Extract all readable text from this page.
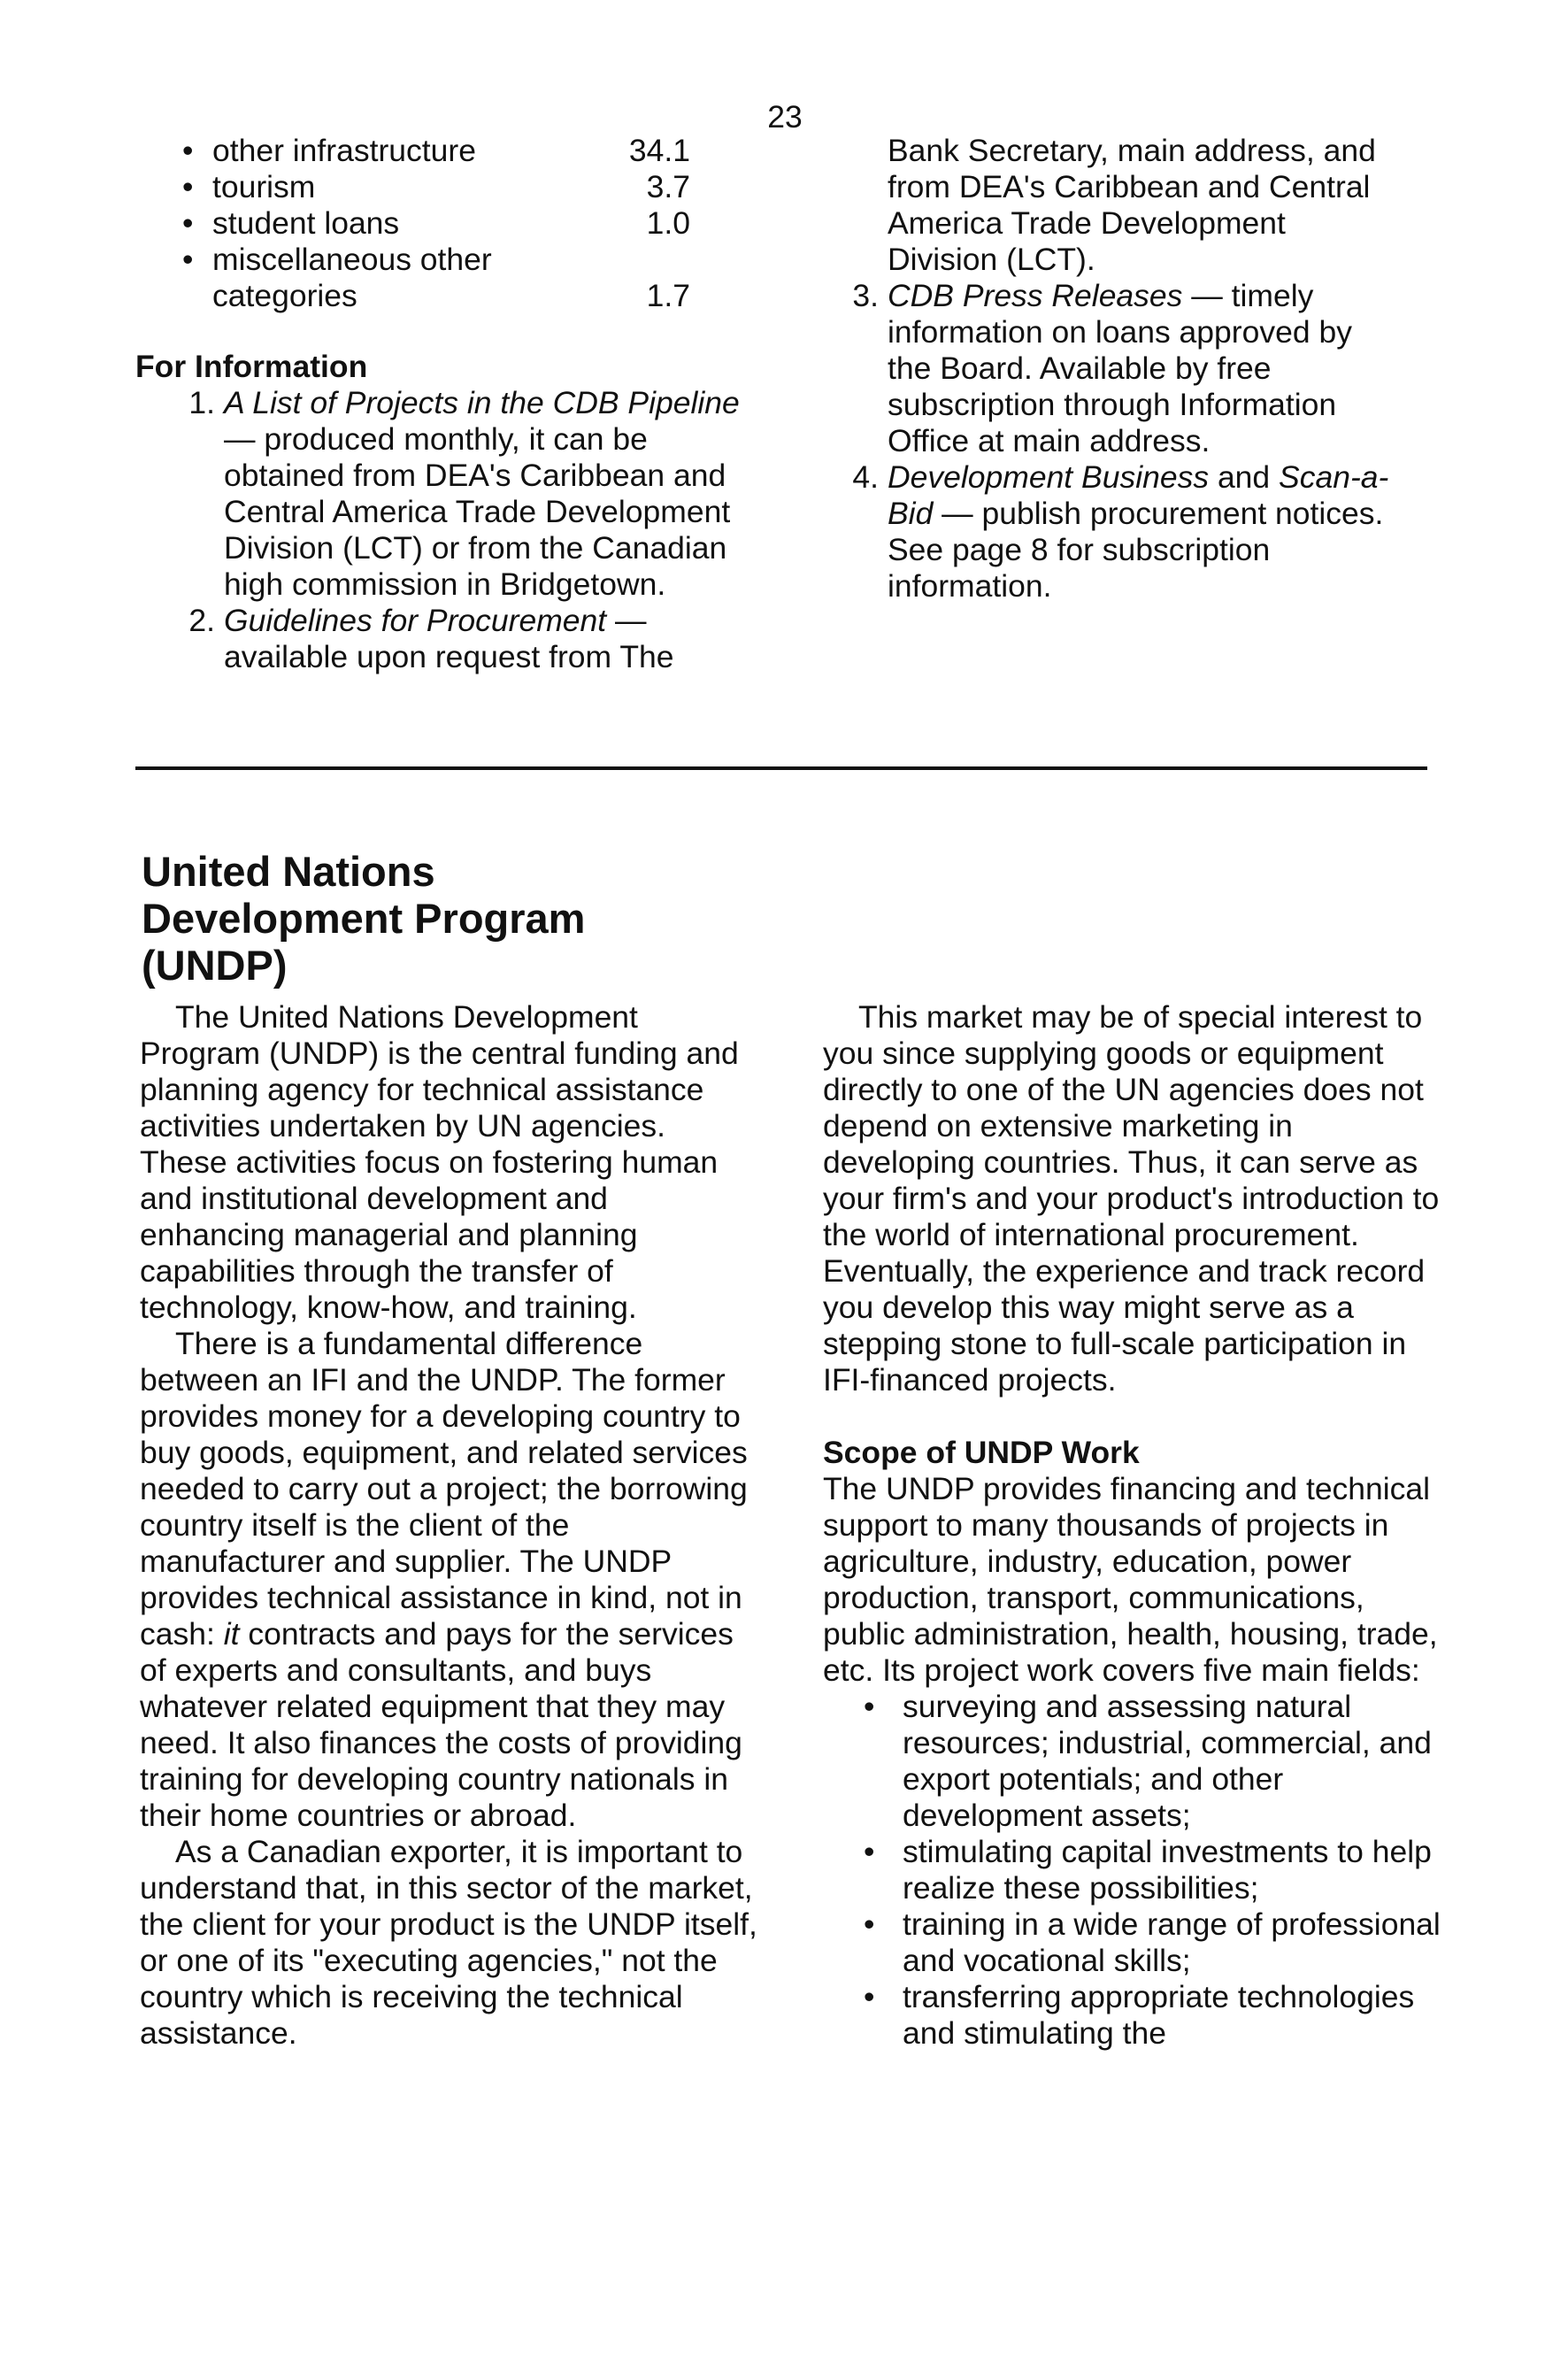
23
• other infrastructure	34.1
• tourism	3.7
• student loans	1.0
• miscellaneous other categories	1.7
For Information
1. A List of Projects in the CDB Pipeline — produced monthly, it can be obtained from DEA's Caribbean and Central America Trade Development Division (LCT) or from the Canadian high commission in Bridgetown.
2. Guidelines for Procurement — available upon request from The
Bank Secretary, main address, and from DEA's Caribbean and Central America Trade Development Division (LCT).
3. CDB Press Releases — timely information on loans approved by the Board. Available by free subscription through Information Office at main address.
4. Development Business and Scan-a-Bid — publish procurement notices. See page 8 for subscription information.
United Nations Development Program (UNDP)

The United Nations Development Program (UNDP) is the central funding and planning agency for technical assistance activities undertaken by UN agencies. These activities focus on fostering human and institutional development and enhancing managerial and planning capabilities through the transfer of technology, know-how, and training.

There is a fundamental difference between an IFI and the UNDP. The former provides money for a developing country to buy goods, equipment, and related services needed to carry out a project; the borrowing country itself is the client of the manufacturer and supplier. The UNDP provides technical assistance in kind, not in cash: it contracts and pays for the services of experts and consultants, and buys whatever related equipment that they may need. It also finances the costs of providing training for developing country nationals in their home countries or abroad.

As a Canadian exporter, it is important to understand that, in this sector of the market, the client for your product is the UNDP itself, or one of its "executing agencies," not the country which is receiving the technical assistance.

This market may be of special interest to you since supplying goods or equipment directly to one of the UN agencies does not depend on extensive marketing in developing countries. Thus, it can serve as your firm's and your product's introduction to the world of international procurement. Eventually, the experience and track record you develop this way might serve as a stepping stone to full-scale participation in IFI-financed projects.

Scope of UNDP Work

The UNDP provides financing and technical support to many thousands of projects in agriculture, industry, education, power production, transport, communications, public administration, health, housing, trade, etc. Its project work covers five main fields:

• surveying and assessing natural resources; industrial, commercial, and export potentials; and other development assets;
• stimulating capital investments to help realize these possibilities;
• training in a wide range of professional and vocational skills;
• transferring appropriate technologies and stimulating the
